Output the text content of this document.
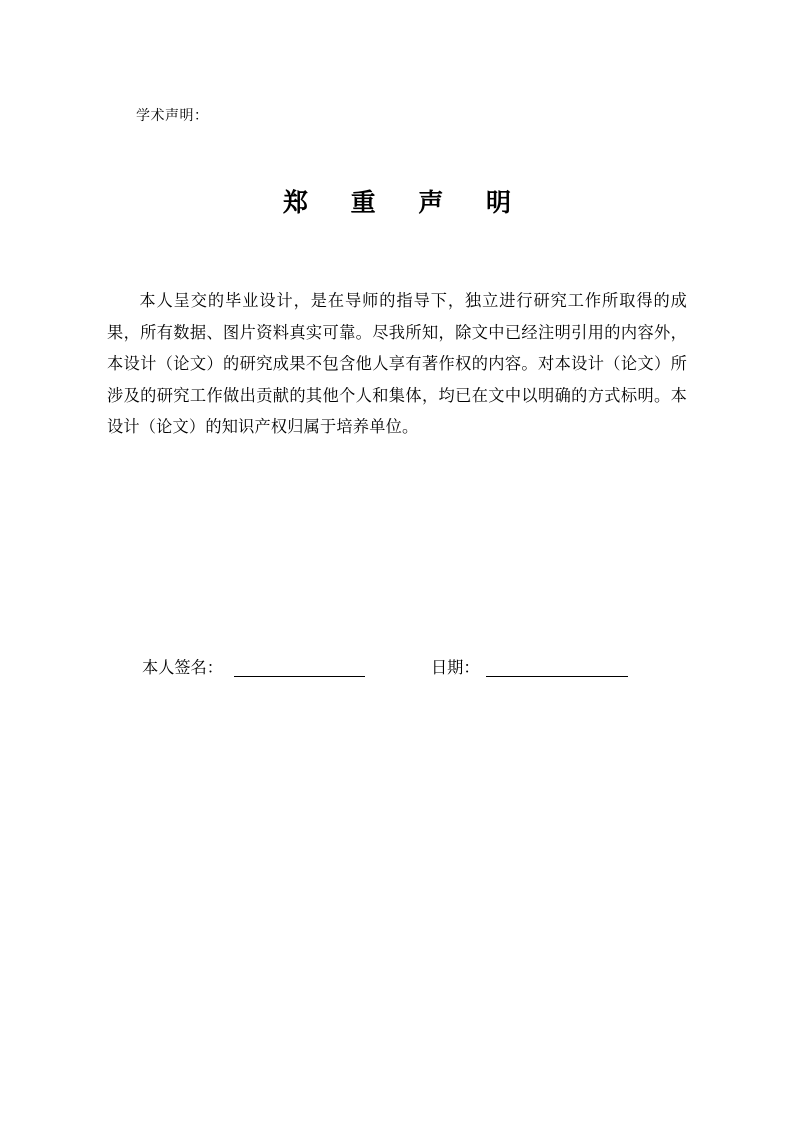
学术声明：
郑 重 声 明
本人呈交的毕业设计，是在导师的指导下，独立进行研究工作所取得的成果，所有数据、图片资料真实可靠。尽我所知，除文中已经注明引用的内容外，本设计（论文）的研究成果不包含他人享有著作权的内容。对本设计（论文）所涉及的研究工作做出贡献的其他个人和集体，均已在文中以明确的方式标明。本设计（论文）的知识产权归属于培养单位。
本人签名：	日期：
